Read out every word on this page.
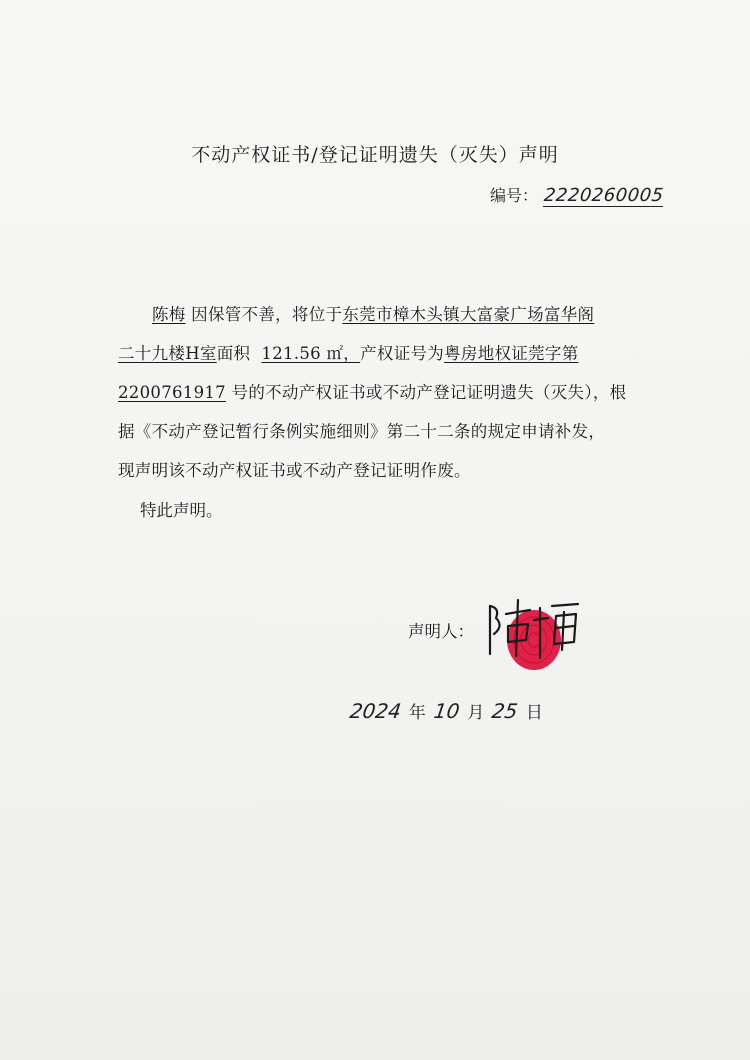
不动产权证书/登记证明遗失（灭失）声明
编号： 2220260005
陈梅 因保管不善，将位于东莞市樟木头镇大富豪广场富华阁
二十九楼H室面积 121.56 ㎡，产权证号为粤房地权证莞字第
2200761917 号的不动产权证书或不动产登记证明遗失（灭失），根
据《不动产登记暂行条例实施细则》第二十二条的规定申请补发，
现声明该不动产权证书或不动产登记证明作废。
特此声明。
声明人：
2024 年 10 月 25 日
